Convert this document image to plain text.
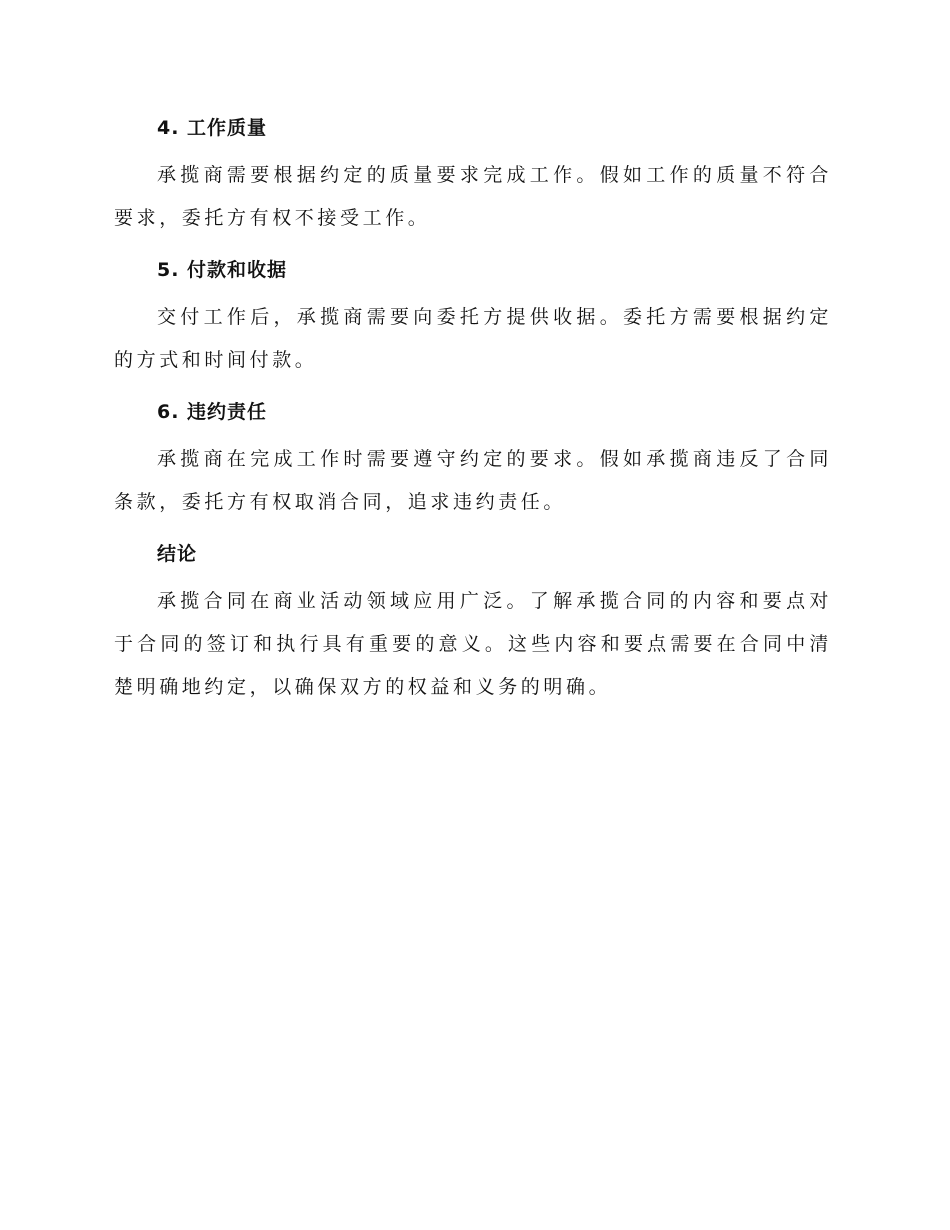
4. 工作质量

承揽商需要根据约定的质量要求完成工作。假如工作的质量不符合要求，委托方有权不接受工作。

5. 付款和收据

交付工作后，承揽商需要向委托方提供收据。委托方需要根据约定的方式和时间付款。

6. 违约责任

承揽商在完成工作时需要遵守约定的要求。假如承揽商违反了合同条款，委托方有权取消合同，追求违约责任。

结论

承揽合同在商业活动领域应用广泛。了解承揽合同的内容和要点对于合同的签订和执行具有重要的意义。这些内容和要点需要在合同中清楚明确地约定，以确保双方的权益和义务的明确。
